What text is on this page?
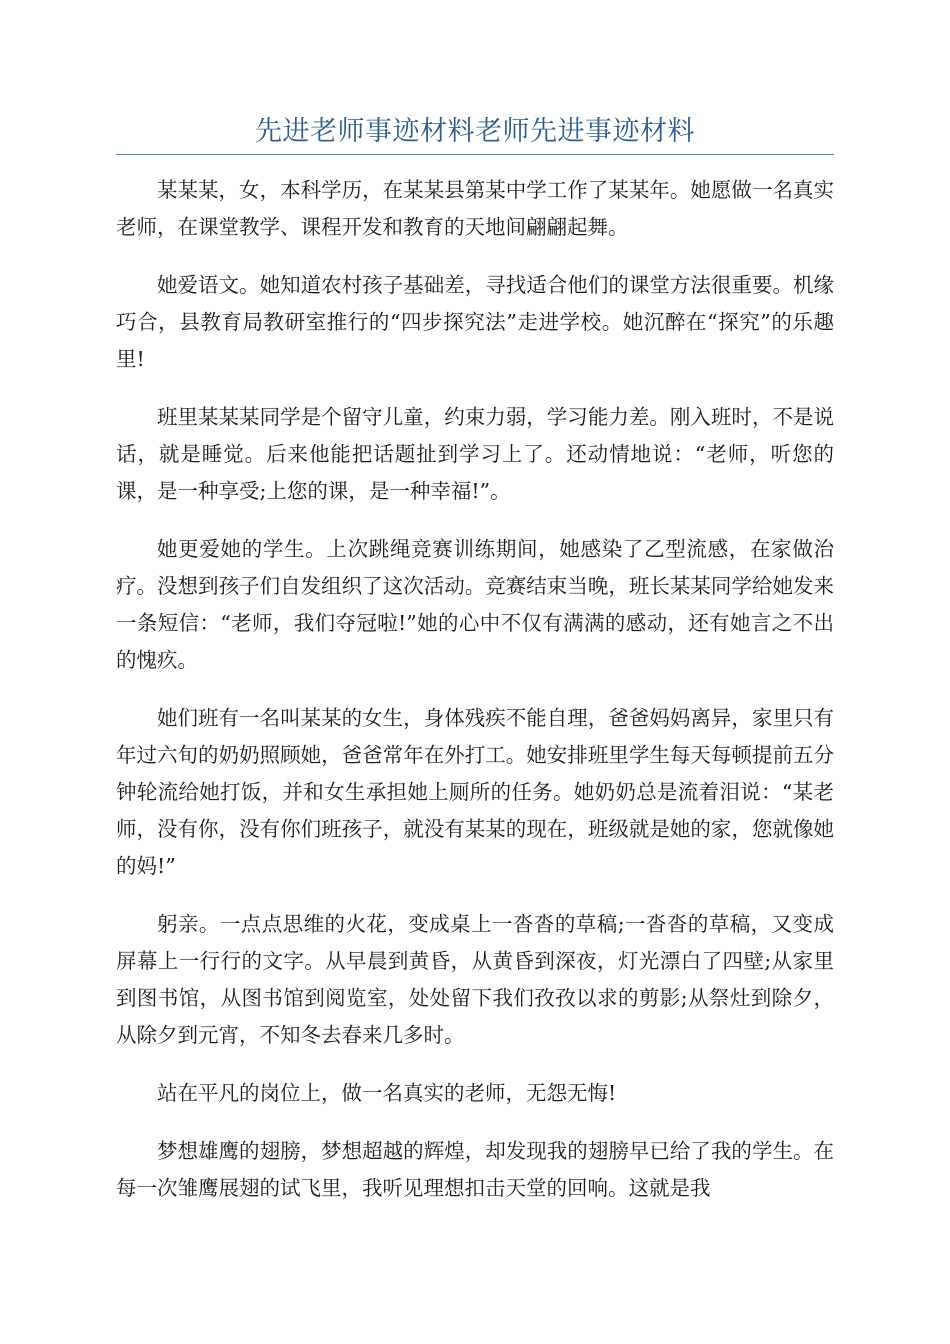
先进老师事迹材料老师先进事迹材料

某某某，女，本科学历，在某某县第某中学工作了某某年。她愿做一名真实老师，在课堂教学、课程开发和教育的天地间翩翩起舞。

她爱语文。她知道农村孩子基础差，寻找适合他们的课堂方法很重要。机缘巧合，县教育局教研室推行的“四步探究法”走进学校。她沉醉在“探究”的乐趣里!

班里某某某同学是个留守儿童，约束力弱，学习能力差。刚入班时，不是说话，就是睡觉。后来他能把话题扯到学习上了。还动情地说：“老师，听您的课，是一种享受;上您的课，是一种幸福!”。

她更爱她的学生。上次跳绳竞赛训练期间，她感染了乙型流感，在家做治疗。没想到孩子们自发组织了这次活动。竞赛结束当晚，班长某某同学给她发来一条短信：“老师，我们夺冠啦!”她的心中不仅有满满的感动，还有她言之不出的愧疚。

她们班有一名叫某某的女生，身体残疾不能自理，爸爸妈妈离异，家里只有年过六旬的奶奶照顾她，爸爸常年在外打工。她安排班里学生每天每顿提前五分钟轮流给她打饭，并和女生承担她上厕所的任务。她奶奶总是流着泪说：“某老师，没有你，没有你们班孩子，就没有某某的现在，班级就是她的家，您就像她的妈!”

躬亲。一点点思维的火花，变成桌上一沓沓的草稿;一沓沓的草稿，又变成屏幕上一行行的文字。从早晨到黄昏，从黄昏到深夜，灯光漂白了四壁;从家里到图书馆，从图书馆到阅览室，处处留下我们孜孜以求的剪影;从祭灶到除夕，从除夕到元宵，不知冬去春来几多时。

站在平凡的岗位上，做一名真实的老师，无怨无悔!

梦想雄鹰的翅膀，梦想超越的辉煌，却发现我的翅膀早已给了我的学生。在每一次雏鹰展翅的试飞里，我听见理想扣击天堂的回响。这就是我
